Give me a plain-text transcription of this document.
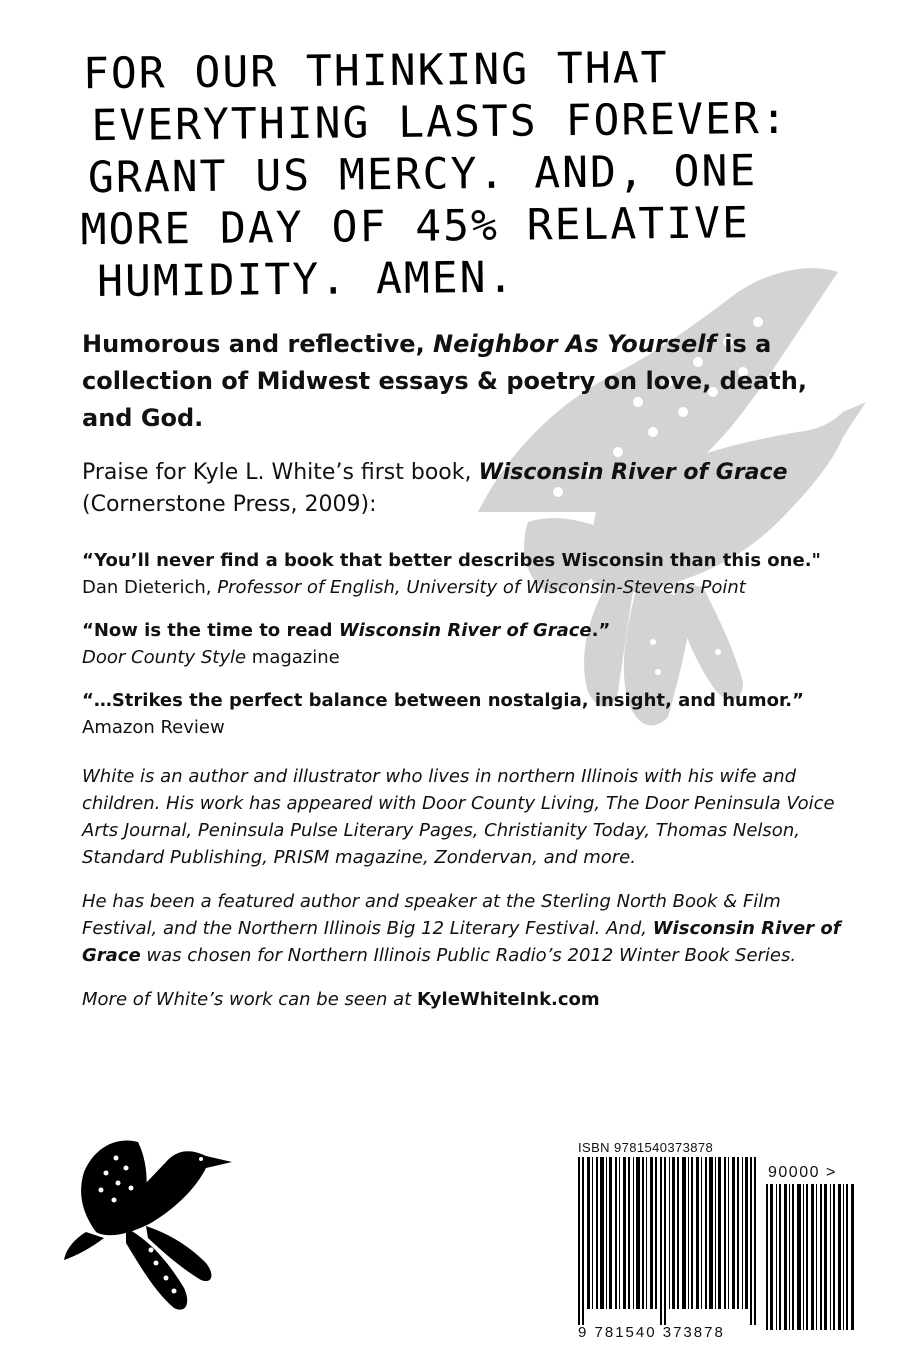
FOR OUR THINKING THAT
EVERYTHING LASTS FOREVER:
GRANT US MERCY. AND, ONE
MORE DAY OF 45% RELATIVE
HUMIDITY. AMEN.

Humorous and reflective, Neighbor As Yourself is a collection of Midwest essays & poetry on love, death, and God.

Praise for Kyle L. White’s first book, Wisconsin River of Grace
(Cornerstone Press, 2009):

“You’ll never find a book that better describes Wisconsin than this one."
Dan Dieterich, Professor of English, University of Wisconsin-Stevens Point

“Now is the time to read Wisconsin River of Grace.”
Door County Style magazine

“…Strikes the perfect balance between nostalgia, insight, and humor.”
Amazon Review

White is an author and illustrator who lives in northern Illinois with his wife and children. His work has appeared with Door County Living, The Door Peninsula Voice Arts Journal, Peninsula Pulse Literary Pages, Christianity Today, Thomas Nelson, Standard Publishing, PRISM magazine, Zondervan, and more.

He has been a featured author and speaker at the Sterling North Book & Film Festival, and the Northern Illinois Big 12 Literary Festival. And, Wisconsin River of Grace was chosen for Northern Illinois Public Radio’s 2012 Winter Book Series.

More of White’s work can be seen at KyleWhiteInk.com

ISBN 9781540373878
9 781540 373878
90000 >
